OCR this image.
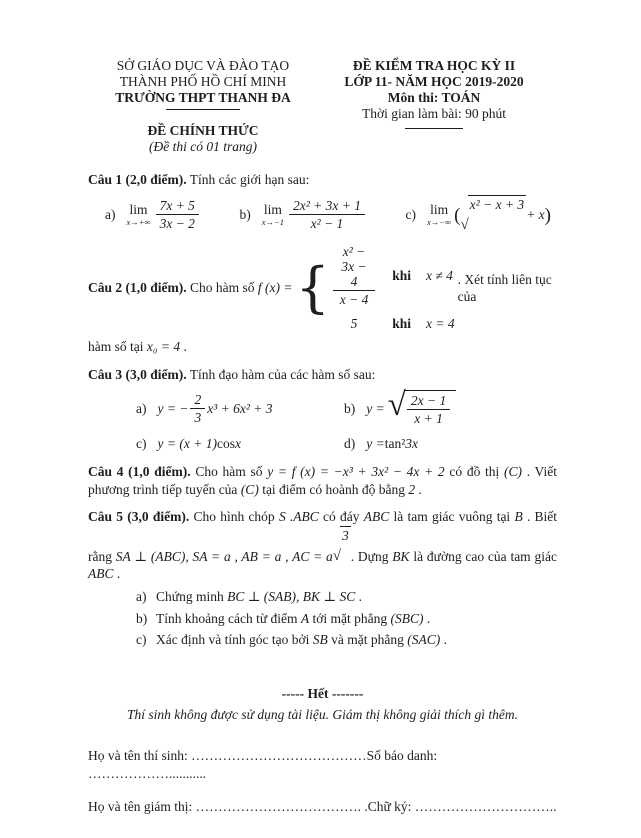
SỞ GIÁO DỤC VÀ ĐÀO TẠO
THÀNH PHỐ HỒ CHÍ MINH
TRƯỜNG THPT THANH ĐA
ĐỀ CHÍNH THỨC
(Đề thi có 01 trang)
ĐỀ KIỂM TRA HỌC KỲ II
LỚP 11- NĂM HỌC 2019-2020
Môn thi: TOÁN
Thời gian làm bài: 90 phút

Câu 1 (2,0 điểm). Tính các giới hạn sau:

a) lim
$x\to+\infty \frac{7x + 5}{3x - 2}$	b) lim
$x\to-1 \frac{\text{2x² + 3x + 1}}{\text{x² − 1}}$	c) lim
x→−∞ ( √
x² − x + 3
+ x )
Câu 2 (1,0 điểm). Cho hàm số f (x) = { $\frac{\text{x² − 3x − 4}}{x - 4}$ khi x ≠ 4
5	khi x = 4
. Xét tính liên tục của
hàm số tại x₀ = 4 .

Câu 3 (3,0 điểm). Tính đạo hàm của các hàm số sau:

a) y = − $\frac{2}{3} x^3 + 6x^2 + 3$	b) y = √ $\frac{2x - 1}{x + 1}$
c) y = (x + 1) cos x	d) y = tan² 3x

Câu 4 (1,0 điểm). Cho hàm số y = f (x) = −x³ + 3x² − 4x + 2 có đồ thị (C) . Viết phương trình tiếp tuyến của (C) tại điểm có hoành độ bằng 2 .

Câu 5 (3,0 điểm). Cho hình chóp S .ABC có đáy ABC là tam giác vuông tại B . Biết rằng SA ⊥ (ABC), SA = a , AB = a , AC = a √
3
. Dựng BK là đường cao của tam giác ABC .

a) Chứng minh BC ⊥ (SAB), BK ⊥ SC .
b) Tính khoảng cách từ điểm A tới mặt phẳng (SBC) .
c) Xác định và tính góc tạo bởi SB và mặt phẳng (SAC) .
----- Hết -------
Thí sinh không được sử dụng tài liệu. Giám thị không giải thích gì thêm.
Họ và tên thí sinh: …………………………………Số báo danh: ………………...........
Họ và tên giám thị: ………………………………. .Chữ ký: …………………………..
